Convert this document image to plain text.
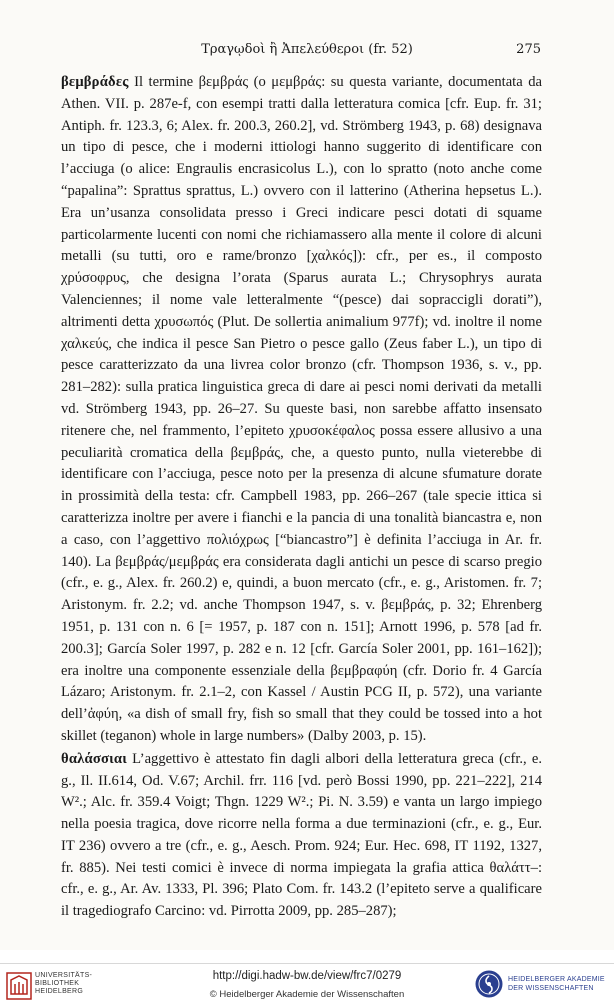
Τραγῳδοὶ ἢ Ἀπελεύθεροι (fr. 52)	275

βεμβράδες Il termine βεμβράς (o μεμβράς: su questa variante, documentata da Athen. VII. p. 287e-f, con esempi tratti dalla letteratura comica [cfr. Eup. fr. 31; Antiph. fr. 123.3, 6; Alex. fr. 200.3, 260.2], vd. Strömberg 1943, p. 68) designava un tipo di pesce, che i moderni ittiologi hanno suggerito di identificare con l’acciuga (o alice: Engraulis encrasicolus L.), con lo spratto (noto anche come “papalina”: Sprattus sprattus, L.) ovvero con il latterino (Atherina hepsetus L.). Era un’usanza consolidata presso i Greci indicare pesci dotati di squame particolarmente lucenti con nomi che richiamassero alla mente il colore di alcuni metalli (su tutti, oro e rame/bronzo [χαλκός]): cfr., per es., il composto χρύσοφρυς, che designa l’orata (Sparus aurata L.; Chrysophrys aurata Valenciennes; il nome vale letteralmente “(pesce) dai sopraccigli dorati”), altrimenti detta χρυσωπός (Plut. De sollertia animalium 977f); vd. inoltre il nome χαλκεύς, che indica il pesce San Pietro o pesce gallo (Zeus faber L.), un tipo di pesce caratterizzato da una livrea color bronzo (cfr. Thompson 1936, s. v., pp. 281–282): sulla pratica linguistica greca di dare ai pesci nomi derivati da metalli vd. Strömberg 1943, pp. 26–27. Su queste basi, non sarebbe affatto insensato ritenere che, nel frammento, l’epiteto χρυσοκέφαλος possa essere allusivo a una peculiarità cromatica della βεμβράς, che, a questo punto, nulla vieterebbe di identificare con l’acciuga, pesce noto per la presenza di alcune sfumature dorate in prossimità della testa: cfr. Campbell 1983, pp. 266–267 (tale specie ittica si caratterizza inoltre per avere i fianchi e la pancia di una tonalità biancastra e, non a caso, con l’aggettivo πολιόχρως [“biancastro”] è definita l’acciuga in Ar. fr. 140). La βεμβράς/μεμβράς era considerata dagli antichi un pesce di scarso pregio (cfr., e. g., Alex. fr. 260.2) e, quindi, a buon mercato (cfr., e. g., Aristomen. fr. 7; Aristonym. fr. 2.2; vd. anche Thompson 1947, s. v. βεμβράς, p. 32; Ehrenberg 1951, p. 131 con n. 6 [= 1957, p. 187 con n. 151]; Arnott 1996, p. 578 [ad fr. 200.3]; García Soler 1997, p. 282 e n. 12 [cfr. García Soler 2001, pp. 161–162]); era inoltre una componente essenziale della βεμβραφύη (cfr. Dorio fr. 4 García Lázaro; Aristonym. fr. 2.1–2, con Kassel / Austin PCG II, p. 572), una variante dell’ἀφύη, «a dish of small fry, fish so small that they could be tossed into a hot skillet (teganon) whole in large numbers» (Dalby 2003, p. 15).

θαλάσσιαι L’aggettivo è attestato fin dagli albori della letteratura greca (cfr., e. g., Il. II.614, Od. V.67; Archil. frr. 116 [vd. però Bossi 1990, pp. 221–222], 214 W².; Alc. fr. 359.4 Voigt; Thgn. 1229 W².; Pi. N. 3.59) e vanta un largo impiego nella poesia tragica, dove ricorre nella forma a due terminazioni (cfr., e. g., Eur. IT 236) ovvero a tre (cfr., e. g., Aesch. Prom. 924; Eur. Hec. 698, IT 1192, 1327, fr. 885). Nei testi comici è invece di norma impiegata la grafia attica θαλάττ–: cfr., e. g., Ar. Av. 1333, Pl. 396; Plato Com. fr. 143.2 (l’epiteto serve a qualificare il tragediografo Carcino: vd. Pirrotta 2009, pp. 285–287);

UNIVERSITÄTS-
BIBLIOTHEK
HEIDELBERG
http://digi.hadw-bw.de/view/frc7/0279
© Heidelberger Akademie der Wissenschaften
HEIDELBERGER AKADEMIE
DER WISSENSCHAFTEN
